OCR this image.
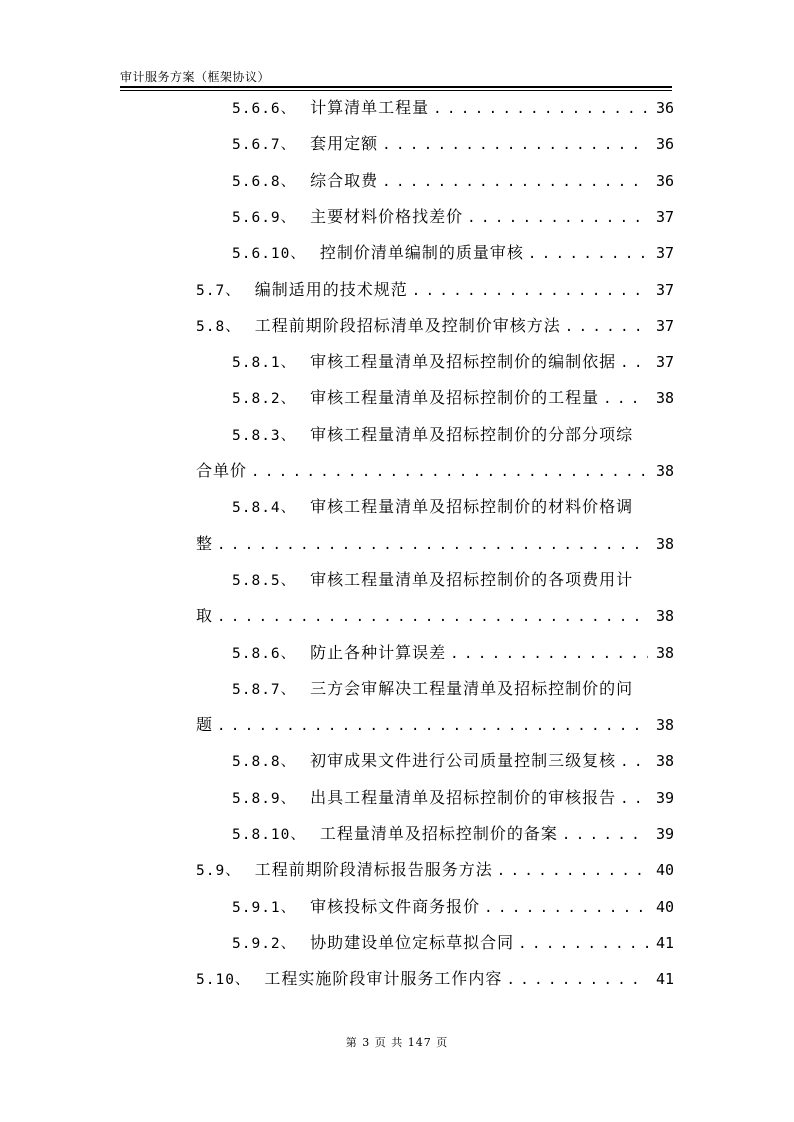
审计服务方案（框架协议）
5.6.6、 计算清单工程量 . . .	36
5.6.7、 套用定额 . . .	36
5.6.8、 综合取费 . . .	36
5.6.9、 主要材料价格找差价 . . .	37
5.6.10、 控制价清单编制的质量审核 . . .	37
5.7、 编制适用的技术规范 . . .	37
5.8、 工程前期阶段招标清单及控制价审核方法 . . .	37
5.8.1、 审核工程量清单及招标控制价的编制依据 . . .	37
5.8.2、 审核工程量清单及招标控制价的工程量 . . .	38
5.8.3、 审核工程量清单及招标控制价的分部分项综
合单价 . . .	38
5.8.4、 审核工程量清单及招标控制价的材料价格调
整 . . .	38
5.8.5、 审核工程量清单及招标控制价的各项费用计
取 . . .	38
5.8.6、 防止各种计算误差 . . .	38
5.8.7、 三方会审解决工程量清单及招标控制价的问
题 . . .	38
5.8.8、 初审成果文件进行公司质量控制三级复核 . . .	38
5.8.9、 出具工程量清单及招标控制价的审核报告 . . .	39
5.8.10、 工程量清单及招标控制价的备案 . . .	39
5.9、 工程前期阶段清标报告服务方法 . . .	40
5.9.1、 审核投标文件商务报价 . . .	40
5.9.2、 协助建设单位定标草拟合同 . . .	41
5.10、 工程实施阶段审计服务工作内容 . . .	41
第 3 页 共 147 页
